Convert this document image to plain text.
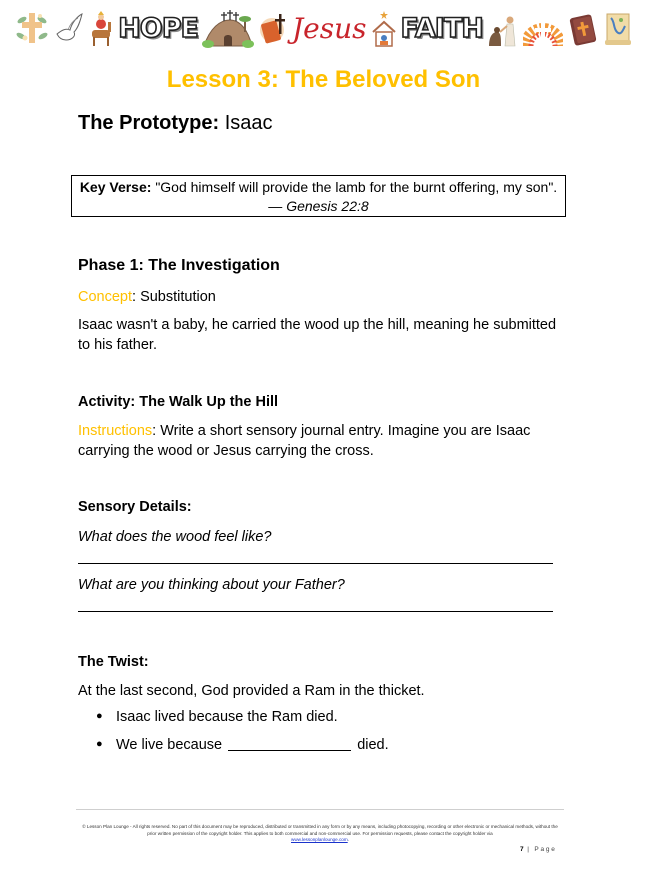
HOPE	Jesus FAITH
Lesson 3: The Beloved Son
The Prototype: Isaac
Key Verse: "God himself will provide the lamb for the burnt offering, my son". — Genesis 22:8
Phase 1: The Investigation
Concept: Substitution
Isaac wasn't a baby, he carried the wood up the hill, meaning he submitted to his father.
Activity: The Walk Up the Hill
Instructions: Write a short sensory journal entry. Imagine you are Isaac carrying the wood or Jesus carrying the cross.
Sensory Details:
What does the wood feel like?
What are you thinking about your Father?
The Twist:
At the last second, God provided a Ram in the thicket.
● Isaac lived because the Ram died.
● We live because	died.
© Lesson Plan Lounge - All rights reserved. No part of this document may be reproduced, distributed or transmitted in any form or by any means, including photocopying, recording or other electronic or mechanical methods, without the prior written permission of the copyright holder. This applies to both commercial and non-commercial use. For permission requests, please contact the copyright holder via
www.lessonplanlounge.com.
7 | Page
